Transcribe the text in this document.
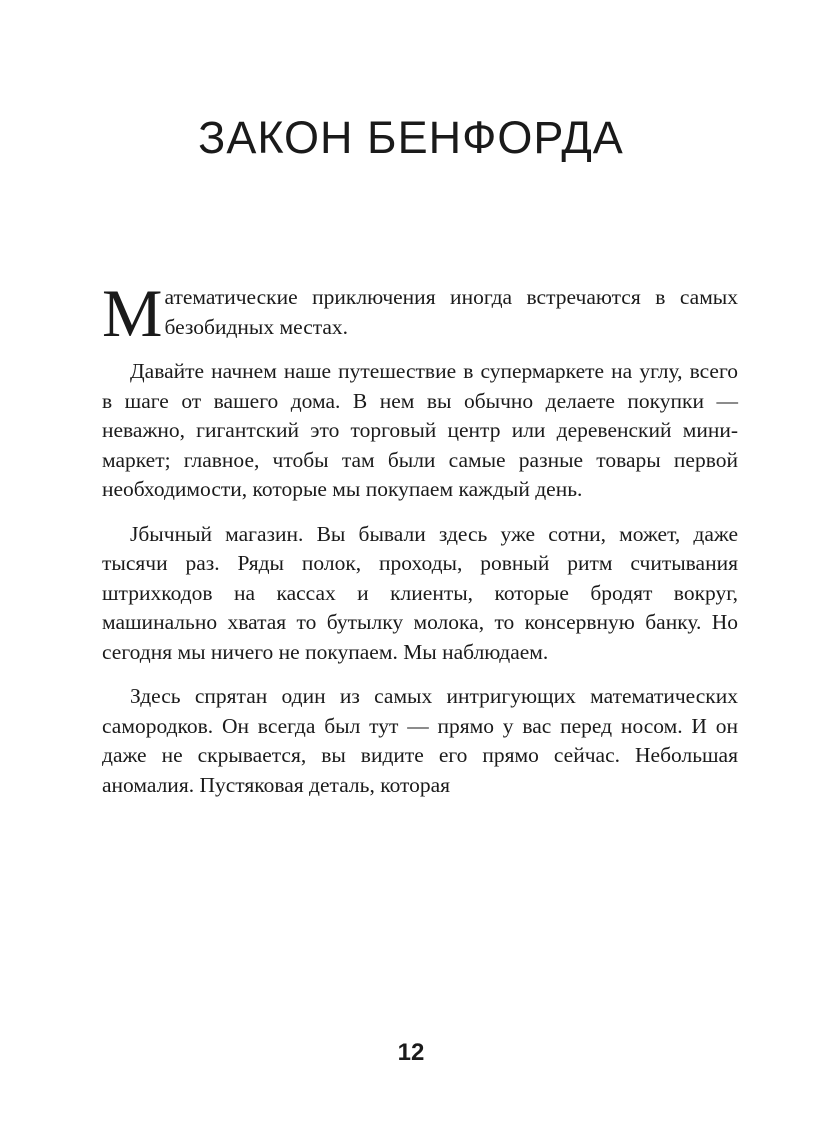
ЗАКОН БЕНФОРДА

Математические приключения иногда встречаются в самых безобидных местах.

Давайте начнем наше путешествие в супермаркете на углу, всего в шаге от вашего дома. В нем вы обычно делаете покупки — неважно, гигантский это торговый центр или деревенский мини-маркет; главное, чтобы там были самые разные товары первой необходимости, которые мы покупаем каждый день.

Jбычный магазин. Вы бывали здесь уже сотни, может, даже тысячи раз. Ряды полок, проходы, ровный ритм считывания штрихкодов на кассах и клиенты, которые бродят вокруг, машинально хватая то бутылку молока, то консервную банку. Но сегодня мы ничего не покупаем. Мы наблюдаем.

Здесь спрятан один из самых интригующих математических самородков. Он всегда был тут — прямо у вас перед носом. И он даже не скрывается, вы видите его прямо сейчас. Небольшая аномалия. Пустяковая деталь, которая

12
